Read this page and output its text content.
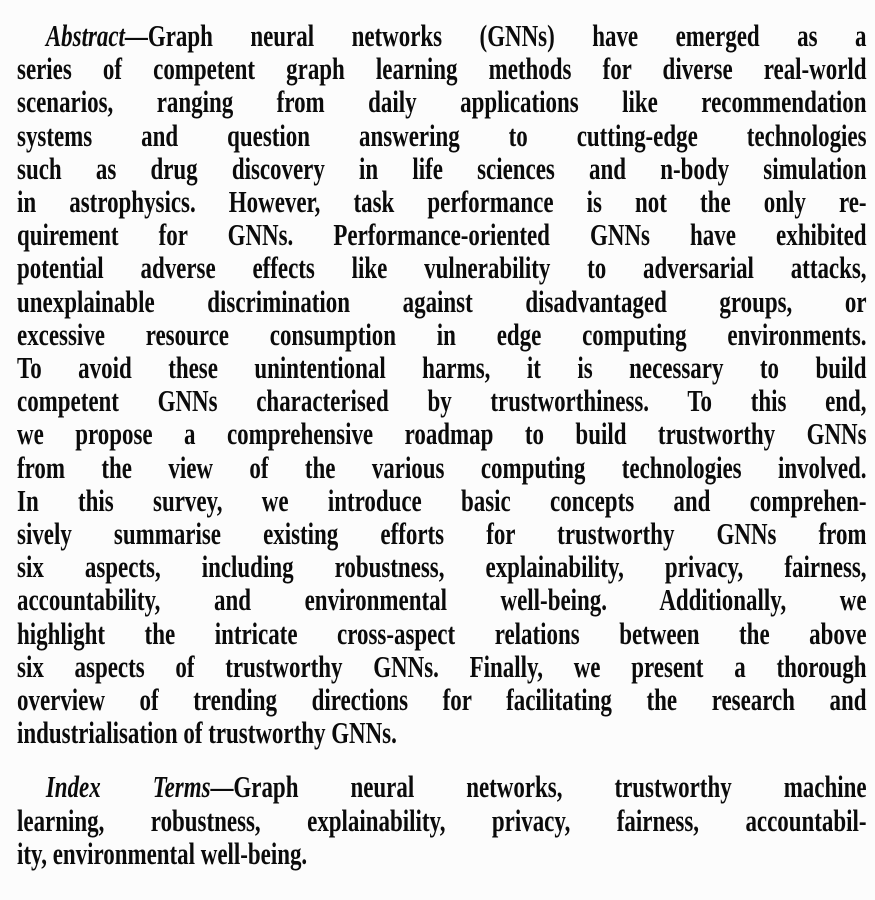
Abstract—Graph neural networks (GNNs) have emerged as a
series of competent graph learning methods for diverse real-world
scenarios, ranging from daily applications like recommendation
systems and question answering to cutting-edge technologies
such as drug discovery in life sciences and n-body simulation
in astrophysics. However, task performance is not the only re-
quirement for GNNs. Performance-oriented GNNs have exhibited
potential adverse effects like vulnerability to adversarial attacks,
unexplainable discrimination against disadvantaged groups, or
excessive resource consumption in edge computing environments.
To avoid these unintentional harms, it is necessary to build
competent GNNs characterised by trustworthiness. To this end,
we propose a comprehensive roadmap to build trustworthy GNNs
from the view of the various computing technologies involved.
In this survey, we introduce basic concepts and comprehen-
sively summarise existing efforts for trustworthy GNNs from
six aspects, including robustness, explainability, privacy, fairness,
accountability, and environmental well-being. Additionally, we
highlight the intricate cross-aspect relations between the above
six aspects of trustworthy GNNs. Finally, we present a thorough
overview of trending directions for facilitating the research and
industrialisation of trustworthy GNNs.
Index Terms—Graph neural networks, trustworthy machine
learning, robustness, explainability, privacy, fairness, accountabil-
ity, environmental well-being.
